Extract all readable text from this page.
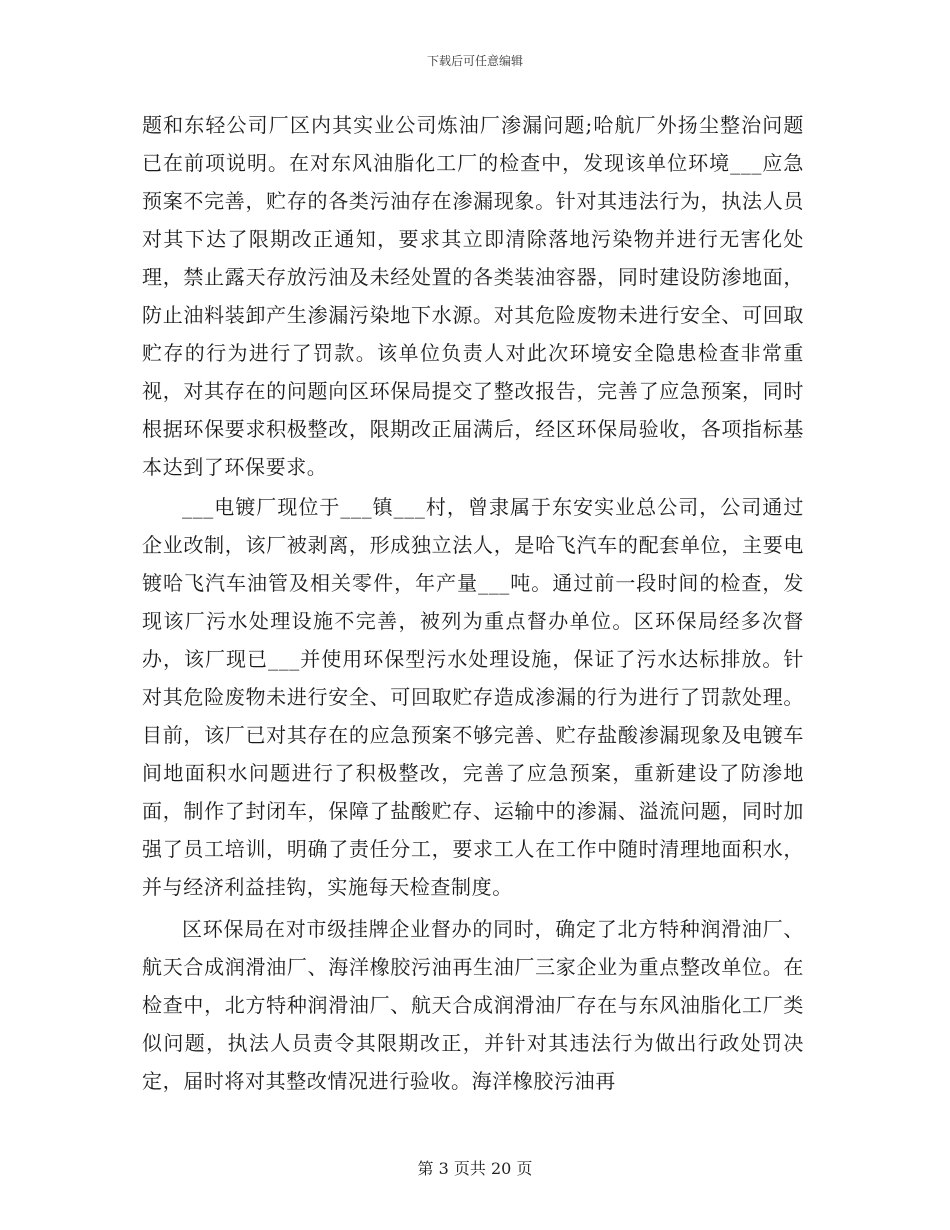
下载后可任意编辑

题和东轻公司厂区内其实业公司炼油厂渗漏问题;哈航厂外扬尘整治问题已在前项说明。在对东风油脂化工厂的检查中，发现该单位环境___应急预案不完善，贮存的各类污油存在渗漏现象。针对其违法行为，执法人员对其下达了限期改正通知，要求其立即清除落地污染物并进行无害化处理，禁止露天存放污油及未经处置的各类装油容器，同时建设防渗地面，防止油料装卸产生渗漏污染地下水源。对其危险废物未进行安全、可回取贮存的行为进行了罚款。该单位负责人对此次环境安全隐患检查非常重视，对其存在的问题向区环保局提交了整改报告，完善了应急预案，同时根据环保要求积极整改，限期改正届满后，经区环保局验收，各项指标基本达到了环保要求。

___电镀厂现位于___镇___村，曾隶属于东安实业总公司，公司通过企业改制，该厂被剥离，形成独立法人，是哈飞汽车的配套单位，主要电镀哈飞汽车油管及相关零件，年产量___吨。通过前一段时间的检查，发现该厂污水处理设施不完善，被列为重点督办单位。区环保局经多次督办，该厂现已___并使用环保型污水处理设施，保证了污水达标排放。针对其危险废物未进行安全、可回取贮存造成渗漏的行为进行了罚款处理。目前，该厂已对其存在的应急预案不够完善、贮存盐酸渗漏现象及电镀车间地面积水问题进行了积极整改，完善了应急预案，重新建设了防渗地面，制作了封闭车，保障了盐酸贮存、运输中的渗漏、溢流问题，同时加强了员工培训，明确了责任分工，要求工人在工作中随时清理地面积水，并与经济利益挂钩，实施每天检查制度。

区环保局在对市级挂牌企业督办的同时，确定了北方特种润滑油厂、航天合成润滑油厂、海洋橡胶污油再生油厂三家企业为重点整改单位。在检查中，北方特种润滑油厂、航天合成润滑油厂存在与东风油脂化工厂类似问题，执法人员责令其限期改正，并针对其违法行为做出行政处罚决定，届时将对其整改情况进行验收。海洋橡胶污油再

第 3 页共 20 页
